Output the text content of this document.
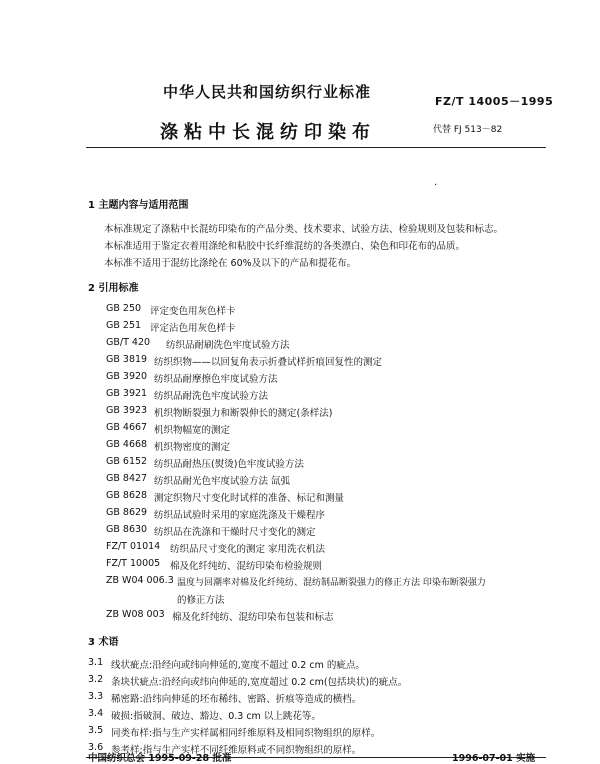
中华人民共和国纺织行业标准
FZ/T 14005－1995
涤粘中长混纺印染布	代替 FJ 513－82
·
1 主题内容与适用范围
本标准规定了涤粘中长混纺印染布的产品分类、技术要求、试验方法、检验规则及包装和标志。
本标准适用于鉴定衣着用涤纶和粘胶中长纤维混纺的各类漂白、染色和印花布的品质。
本标准不适用于混纺比涤纶在 60%及以下的产品和提花布。
2 引用标准
GB 250 评定变色用灰色样卡
GB 251 评定沾色用灰色样卡
GB/T 420 纺织品耐刷洗色牢度试验方法
GB 3819 纺织织物——以回复角表示折叠试样折痕回复性的测定
GB 3920 纺织品耐摩擦色牢度试验方法
GB 3921 纺织品耐洗色牢度试验方法
GB 3923 机织物断裂强力和断裂伸长的测定(条样法)
GB 4667 机织物幅宽的测定
GB 4668 机织物密度的测定
GB 6152 纺织品耐热压(熨烫)色牢度试验方法
GB 8427 纺织品耐光色牢度试验方法 氙弧
GB 8628 测定织物尺寸变化时试样的准备、标记和测量
GB 8629 纺织品试验时采用的家庭洗涤及干燥程序
GB 8630 纺织品在洗涤和干燥时尺寸变化的测定
FZ/T 01014 纺织品尺寸变化的测定 家用洗衣机法
FZ/T 10005 棉及化纤纯纺、混纺印染布检验规则
ZB W04 006.3 温度与回潮率对棉及化纤纯纺、混纺制品断裂强力的修正方法 印染布断裂强力
的修正方法
ZB W08 003 棉及化纤纯纺、混纺印染布包装和标志
3 术语
3.1 线状疵点:沿经向或纬向伸延的,宽度不超过 0.2 cm 的疵点。
3.2 条块状疵点:沿经向或纬向伸延的,宽度超过 0.2 cm(包括块状)的疵点。
3.3 稀密路:沿纬向伸延的坯布稀纬、密路、折痕等造成的横档。
3.4 破损:指破洞、破边、豁边、0.3 cm 以上跳花等。
3.5 同类布样:指与生产实样属相同纤维原料及相同织物组织的原样。
3.6 参考样:指与生产实样不同纤维原料或不同织物组织的原样。
中国纺织总会 1995-09-28 批准	1996-07-01 实施
